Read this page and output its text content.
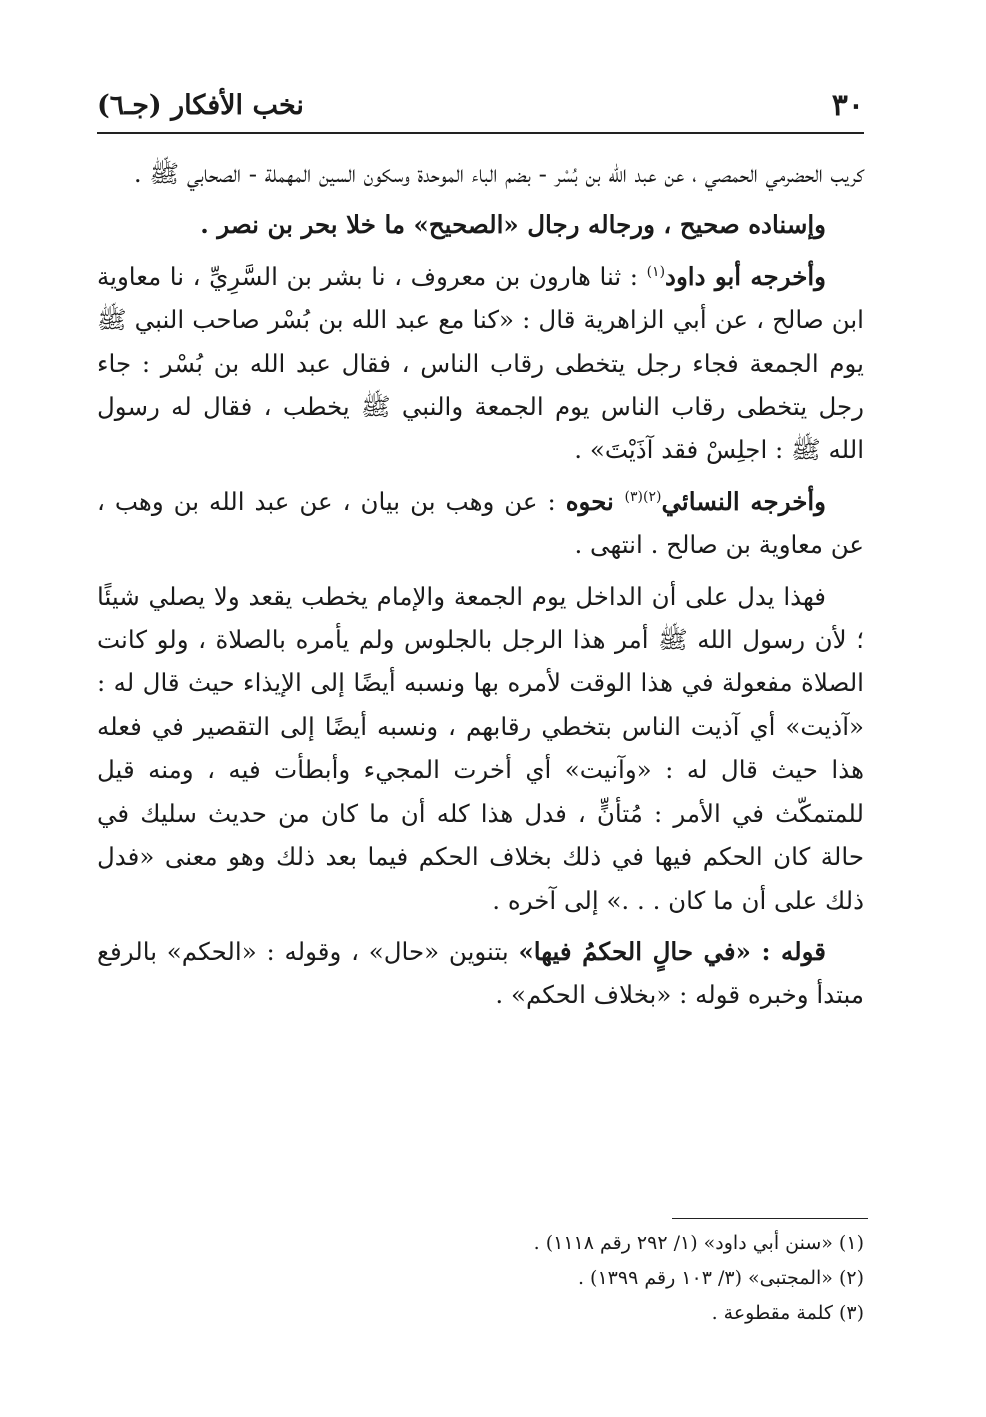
٣٠
نخب الأفكار (جـ٦)

كريب الحضرمي الحمصي ، عن عبد الله بن بُسْر - بضم الباء الموحدة وسكون السين المهملة - الصحابي ﷺ .

وإسناده صحيح ، ورجاله رجال «الصحيح» ما خلا بحر بن نصر .

وأخرجه أبو داود$^{(١)}$ : ثنا هارون بن معروف ، نا بشر بن السَّرِيِّ ، نا معاوية ابن صالح ، عن أبي الزاهرية قال : «كنا مع عبد الله بن بُسْر صاحب النبي ﷺ يوم الجمعة فجاء رجل يتخطى رقاب الناس ، فقال عبد الله بن بُسْر : جاء رجل يتخطى رقاب الناس يوم الجمعة والنبي ﷺ يخطب ، فقال له رسول الله ﷺ : اجلِسْ فقد آذَيْتَ» .

وأخرجه النسائي$^{(٢)(٣)}$ نحوه : عن وهب بن بيان ، عن عبد الله بن وهب ، عن معاوية بن صالح . انتهى .

فهذا يدل على أن الداخل يوم الجمعة والإمام يخطب يقعد ولا يصلي شيئًا ؛ لأن رسول الله ﷺ أمر هذا الرجل بالجلوس ولم يأمره بالصلاة ، ولو كانت الصلاة مفعولة في هذا الوقت لأمره بها ونسبه أيضًا إلى الإيذاء حيث قال له : «آذيت» أي آذيت الناس بتخطي رقابهم ، ونسبه أيضًا إلى التقصير في فعله هذا حيث قال له : «وآنيت» أي أخرت المجيء وأبطأت فيه ، ومنه قيل للمتمكّث في الأمر : مُتأنٍّ ، فدل هذا كله أن ما كان من حديث سليك في حالة كان الحكم فيها في ذلك بخلاف الحكم فيما بعد ذلك وهو معنى «فدل ذلك على أن ما كان . . .» إلى آخره .

قوله : «في حالٍ الحكمُ فيها» بتنوين «حال» ، وقوله : «الحكم» بالرفع مبتدأ وخبره قوله : «بخلاف الحكم» .

(١) «سنن أبي داود» (١/ ٢٩٢ رقم ١١١٨) .
(٢) «المجتبى» (٣/ ١٠٣ رقم ١٣٩٩) .
(٣) كلمة مقطوعة .
